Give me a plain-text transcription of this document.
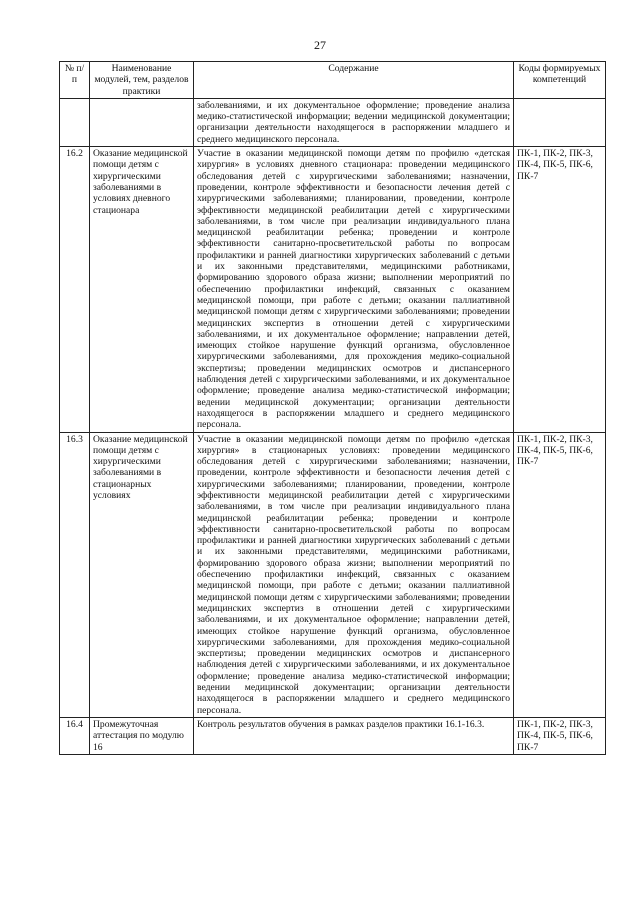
27
№ п/п	Наименование модулей, тем, разделов практики	Содержание	Коды формируемых компетенций
		заболеваниями, и их документальное оформление; проведение анализа медико-статистической информации; ведении медицинской документации; организации деятельности находящегося в распоряжении младшего и среднего медицинского персонала.	
16.2	Оказание медицинской помощи детям с хирургическими заболеваниями в условиях дневного стационара	Участие в оказании медицинской помощи детям по профилю «детская хирургия» в условиях дневного стационара: проведении медицинского обследования детей с хирургическими заболеваниями; назначении, проведении, контроле эффективности и безопасности лечения детей с хирургическими заболеваниями; планировании, проведении, контроле эффективности медицинской реабилитации детей с хирургическими заболеваниями, в том числе при реализации индивидуального плана медицинской реабилитации ребенка; проведении и контроле эффективности санитарно-просветительской работы по вопросам профилактики и ранней диагностики хирургических заболеваний с детьми и их законными представителями, медицинскими работниками, формированию здорового образа жизни; выполнении мероприятий по обеспечению профилактики инфекций, связанных с оказанием медицинской помощи, при работе с детьми; оказании паллиативной медицинской помощи детям с хирургическими заболеваниями; проведении медицинских экспертиз в отношении детей с хирургическими заболеваниями, и их документальное оформление; направлении детей, имеющих стойкое нарушение функций организма, обусловленное хирургическими заболеваниями, для прохождения медико-социальной экспертизы; проведении медицинских осмотров и диспансерного наблюдения детей с хирургическими заболеваниями, и их документальное оформление; проведение анализа медико-статистической информации; ведении медицинской документации; организации деятельности находящегося в распоряжении младшего и среднего медицинского персонала.	ПК-1, ПК-2, ПК-3, ПК-4, ПК-5, ПК-6, ПК-7
16.3	Оказание медицинской помощи детям с хирургическими заболеваниями в стационарных условиях	Участие в оказании медицинской помощи детям по профилю «детская хирургия» в стационарных условиях: проведении медицинского обследования детей с хирургическими заболеваниями; назначении, проведении, контроле эффективности и безопасности лечения детей с хирургическими заболеваниями; планировании, проведении, контроле эффективности медицинской реабилитации детей с хирургическими заболеваниями, в том числе при реализации индивидуального плана медицинской реабилитации ребенка; проведении и контроле эффективности санитарно-просветительской работы по вопросам профилактики и ранней диагностики хирургических заболеваний с детьми и их законными представителями, медицинскими работниками, формированию здорового образа жизни; выполнении мероприятий по обеспечению профилактики инфекций, связанных с оказанием медицинской помощи, при работе с детьми; оказании паллиативной медицинской помощи детям с хирургическими заболеваниями; проведении медицинских экспертиз в отношении детей с хирургическими заболеваниями, и их документальное оформление; направлении детей, имеющих стойкое нарушение функций организма, обусловленное хирургическими заболеваниями, для прохождения медико-социальной экспертизы; проведении медицинских осмотров и диспансерного наблюдения детей с хирургическими заболеваниями, и их документальное оформление; проведение анализа медико-статистической информации; ведении медицинской документации; организации деятельности находящегося в распоряжении младшего и среднего медицинского персонала.	ПК-1, ПК-2, ПК-3, ПК-4, ПК-5, ПК-6, ПК-7
16.4	Промежуточная аттестация по модулю 16	Контроль результатов обучения в рамках разделов практики 16.1-16.3.	ПК-1, ПК-2, ПК-3, ПК-4, ПК-5, ПК-6, ПК-7
